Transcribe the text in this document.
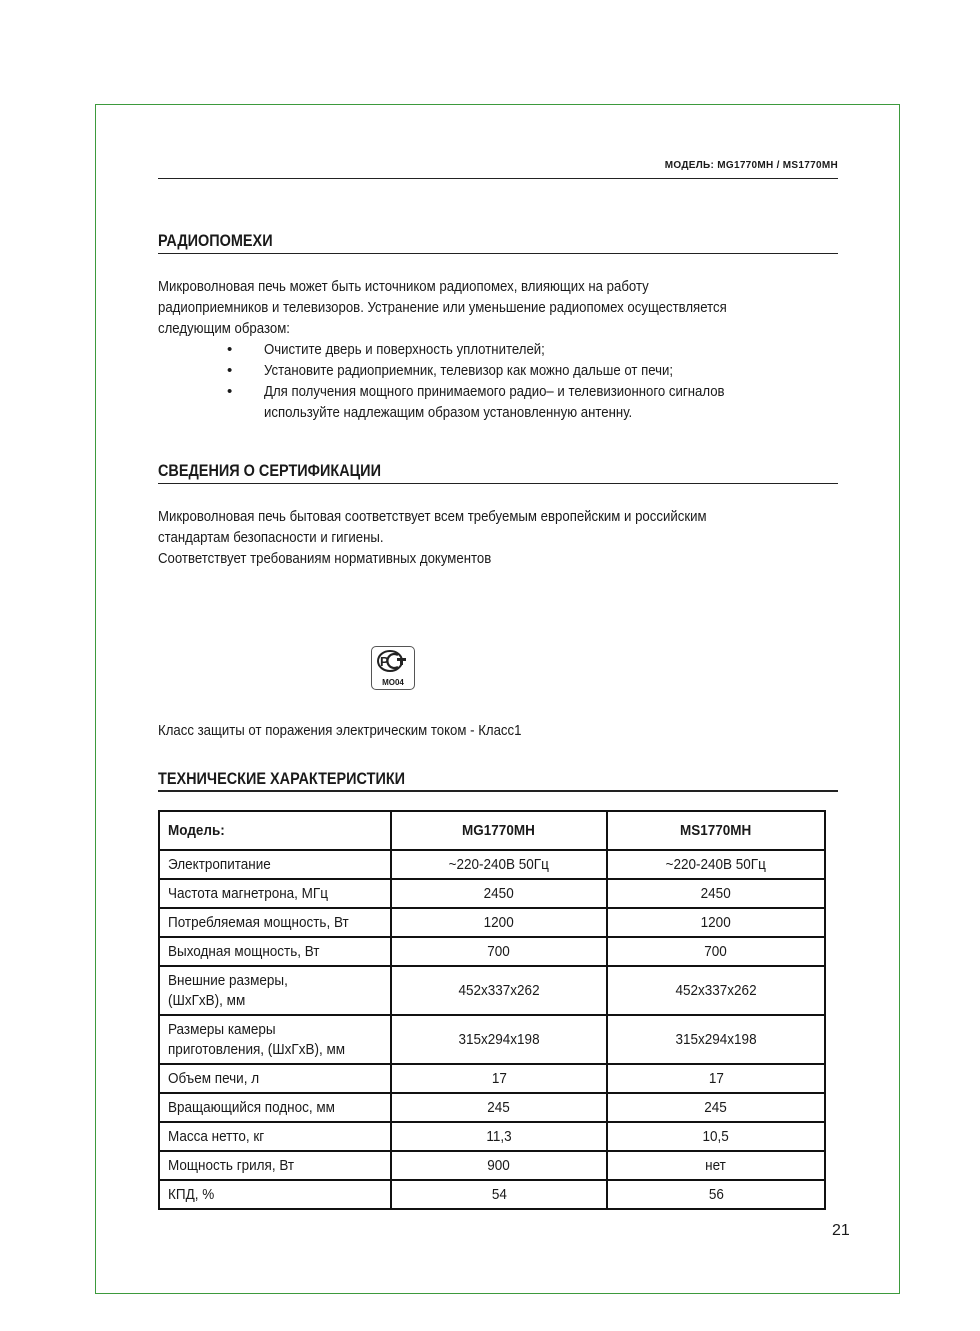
МОДЕЛЬ: MG1770MH / MS1770MH
РАДИОПОМЕХИ
Микроволновая печь может быть источником радиопомех, влияющих на работу
радиоприемников и телевизоров. Устранение или уменьшение радиопомех осуществляется
следующим образом:
• Очистите дверь и поверхность уплотнителей;
• Установите радиоприемник, телевизор как можно дальше от печи;
• Для получения мощного принимаемого радио– и телевизионного сигналов
используйте надлежащим образом установленную антенну.
СВЕДЕНИЯ О СЕРТИФИКАЦИИ
Микроволновая печь бытовая соответствует всем требуемым европейским и российским
стандартам безопасности и гигиены.
Соответствует требованиям нормативных документов
Р
МО04
Класс защиты от поражения электрическим током - Класс1
ТЕХНИЧЕСКИЕ ХАРАКТЕРИСТИКИ
Модель:	MG1770MH	MS1770MH
Электропитание	~220-240В 50Гц	~220-240В 50Гц
Частота магнетрона, МГц	2450	2450
Потребляемая мощность, Вт	1200	1200
Выходная мощность, Вт	700	700
Внешние размеры,
(ШхГхВ), мм	452x337x262	452x337x262
Размеры камеры
приготовления, (ШхГхВ), мм	315x294x198	315x294x198
Объем печи, л	17	17
Вращающийся поднос, мм	245	245
Масса нетто, кг	11,3	10,5
Мощность гриля, Вт	900	нет
КПД, %	54	56
21
